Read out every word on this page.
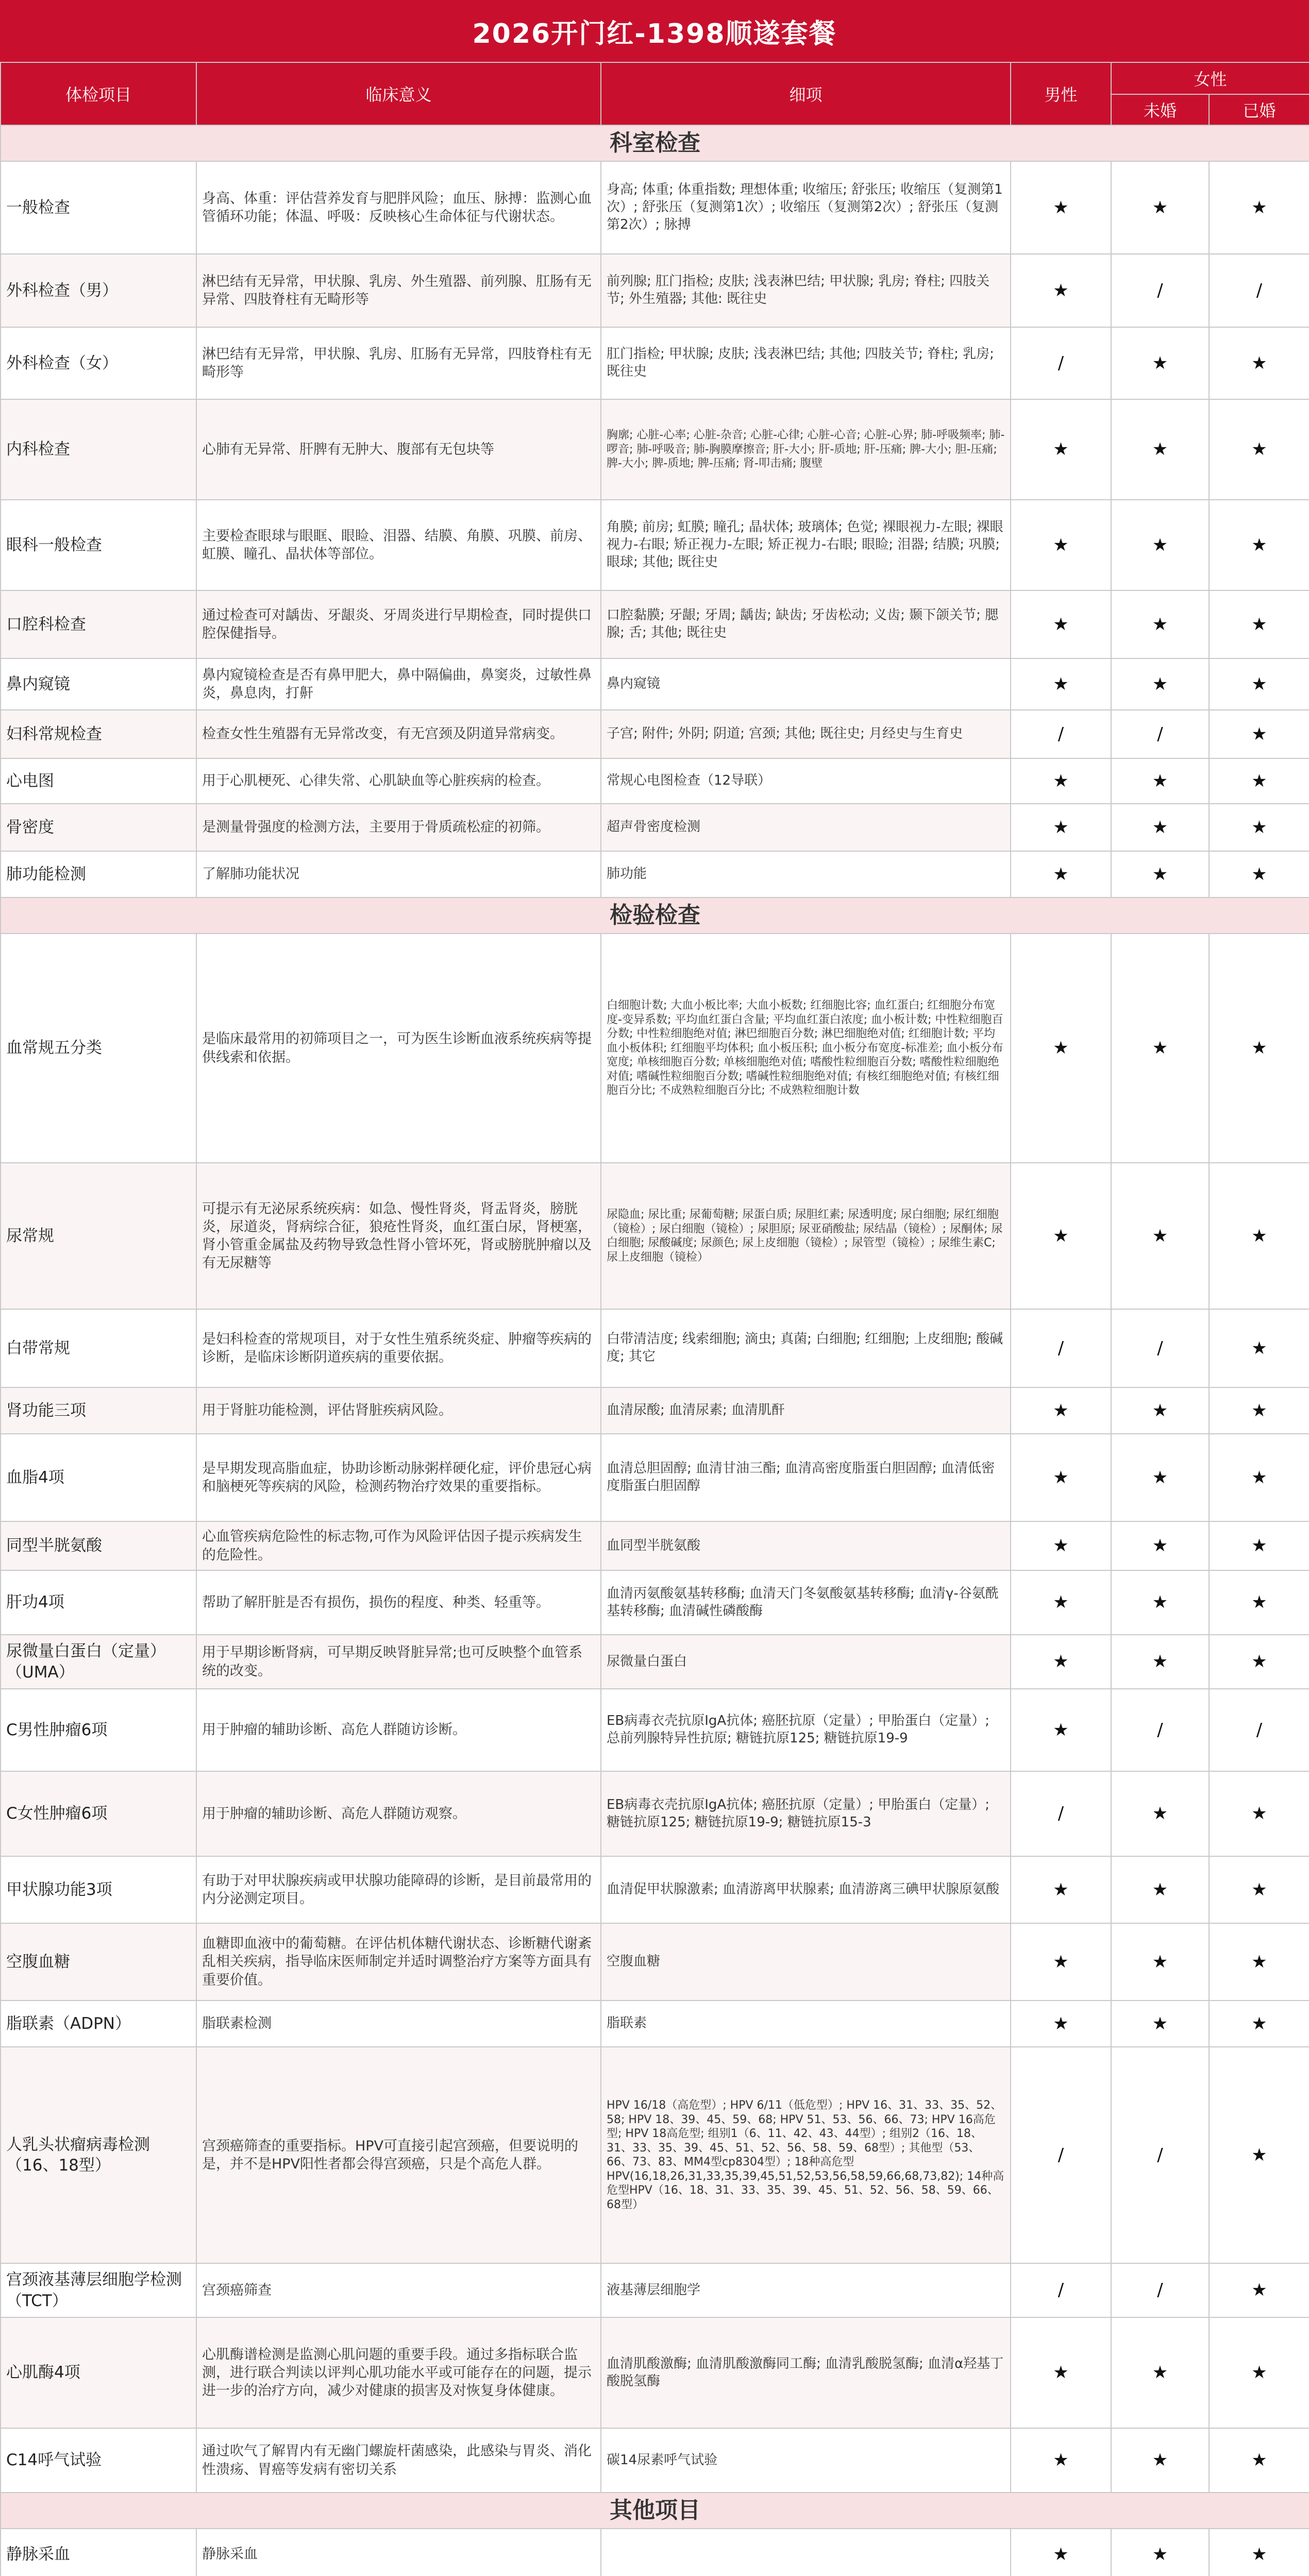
2026开门红-1398顺遂套餐
体检项目	临床意义	细项	男性	女性	
				未婚	已婚
科室检查					
一般检查	身高、体重：评估营养发育与肥胖风险；血压、脉搏：监测心血管循环功能；体温、呼吸：反映核心生命体征与代谢状态。	身高; 体重; 体重指数; 理想体重; 收缩压; 舒张压; 收缩压（复测第1次）; 舒张压（复测第1次）; 收缩压（复测第2次）; 舒张压（复测第2次）; 脉搏	★	★	★
外科检查（男）	淋巴结有无异常，甲状腺、乳房、外生殖器、前列腺、肛肠有无异常、四肢脊柱有无畸形等	前列腺; 肛门指检; 皮肤; 浅表淋巴结; 甲状腺; 乳房; 脊柱; 四肢关节; 外生殖器; 其他: 既往史	★	/	/
外科检查（女）	淋巴结有无异常，甲状腺、乳房、肛肠有无异常，四肢脊柱有无畸形等	肛门指检; 甲状腺; 皮肤; 浅表淋巴结; 其他; 四肢关节; 脊柱; 乳房; 既往史	/	★	★
内科检查	心肺有无异常、肝脾有无肿大、腹部有无包块等	胸廓; 心脏-心率; 心脏-杂音; 心脏-心律; 心脏-心音; 心脏-心界; 肺-呼吸频率; 肺-啰音; 肺-呼吸音; 肺-胸膜摩擦音; 肝-大小; 肝-质地; 肝-压痛; 脾-大小; 胆-压痛; 脾-大小; 脾-质地; 脾-压痛; 肾-叩击痛; 腹壁	★	★	★
眼科一般检查	主要检查眼球与眼眶、眼睑、泪器、结膜、角膜、巩膜、前房、虹膜、瞳孔、晶状体等部位。	角膜; 前房; 虹膜; 瞳孔; 晶状体; 玻璃体; 色觉; 裸眼视力-左眼; 裸眼视力-右眼; 矫正视力-左眼; 矫正视力-右眼; 眼睑; 泪器; 结膜; 巩膜; 眼球; 其他; 既往史	★	★	★
口腔科检查	通过检查可对龋齿、牙龈炎、牙周炎进行早期检查，同时提供口腔保健指导。	口腔黏膜; 牙龈; 牙周; 龋齿; 缺齿; 牙齿松动; 义齿; 颞下颌关节; 腮腺; 舌; 其他; 既往史	★	★	★
鼻内窥镜	鼻内窥镜检查是否有鼻甲肥大，鼻中隔偏曲，鼻窦炎，过敏性鼻炎，鼻息肉，打鼾	鼻内窥镜	★	★	★
妇科常规检查	检查女性生殖器有无异常改变，有无宫颈及阴道异常病变。	子宫; 附件; 外阴; 阴道; 宫颈; 其他; 既往史; 月经史与生育史	/	/	★
心电图	用于心肌梗死、心律失常、心肌缺血等心脏疾病的检查。	常规心电图检查（12导联）	★	★	★
骨密度	是测量骨强度的检测方法，主要用于骨质疏松症的初筛。	超声骨密度检测	★	★	★
肺功能检测	了解肺功能状况	肺功能	★	★	★
检验检查					
血常规五分类	是临床最常用的初筛项目之一，可为医生诊断血液系统疾病等提供线索和依据。	白细胞计数; 大血小板比率; 大血小板数; 红细胞比容; 血红蛋白; 红细胞分布宽度-变异系数; 平均血红蛋白含量; 平均血红蛋白浓度; 血小板计数; 中性粒细胞百分数; 中性粒细胞绝对值; 淋巴细胞百分数; 淋巴细胞绝对值; 红细胞计数; 平均血小板体积; 红细胞平均体积; 血小板压积; 血小板分布宽度-标准差; 血小板分布宽度; 单核细胞百分数; 单核细胞绝对值; 嗜酸性粒细胞百分数; 嗜酸性粒细胞绝对值; 嗜碱性粒细胞百分数; 嗜碱性粒细胞绝对值; 有核红细胞绝对值; 有核红细胞百分比; 不成熟粒细胞百分比; 不成熟粒细胞计数	★	★	★
尿常规	可提示有无泌尿系统疾病：如急、慢性肾炎，肾盂肾炎，膀胱炎，尿道炎，肾病综合征，狼疮性肾炎，血红蛋白尿，肾梗塞，肾小管重金属盐及药物导致急性肾小管坏死，肾或膀胱肿瘤以及有无尿糖等	尿隐血; 尿比重; 尿葡萄糖; 尿蛋白质; 尿胆红素; 尿透明度; 尿白细胞; 尿红细胞（镜检）; 尿白细胞（镜检）; 尿胆原; 尿亚硝酸盐; 尿结晶（镜检）; 尿酮体; 尿白细胞; 尿酸碱度; 尿颜色; 尿上皮细胞（镜检）; 尿管型（镜检）; 尿维生素C; 尿上皮细胞（镜检）	★	★	★
白带常规	是妇科检查的常规项目，对于女性生殖系统炎症、肿瘤等疾病的诊断，是临床诊断阴道疾病的重要依据。	白带清洁度; 线索细胞; 滴虫; 真菌; 白细胞; 红细胞; 上皮细胞; 酸碱度; 其它	/	/	★
肾功能三项	用于肾脏功能检测，评估肾脏疾病风险。	血清尿酸; 血清尿素; 血清肌酐	★	★	★
血脂4项	是早期发现高脂血症，协助诊断动脉粥样硬化症，评价患冠心病和脑梗死等疾病的风险，检测药物治疗效果的重要指标。	血清总胆固醇; 血清甘油三酯; 血清高密度脂蛋白胆固醇; 血清低密度脂蛋白胆固醇	★	★	★
同型半胱氨酸	心血管疾病危险性的标志物,可作为风险评估因子提示疾病发生的危险性。	血同型半胱氨酸	★	★	★
肝功4项	帮助了解肝脏是否有损伤，损伤的程度、种类、轻重等。	血清丙氨酸氨基转移酶; 血清天门冬氨酸氨基转移酶; 血清γ-谷氨酰基转移酶; 血清碱性磷酸酶	★	★	★
尿微量白蛋白（定量）（UMA）	用于早期诊断肾病，可早期反映肾脏异常;也可反映整个血管系统的改变。	尿微量白蛋白	★	★	★
C男性肿瘤6项	用于肿瘤的辅助诊断、高危人群随访诊断。	EB病毒衣壳抗原IgA抗体; 癌胚抗原（定量）; 甲胎蛋白（定量）; 总前列腺特异性抗原; 糖链抗原125; 糖链抗原19-9	★	/	/
C女性肿瘤6项	用于肿瘤的辅助诊断、高危人群随访观察。	EB病毒衣壳抗原IgA抗体; 癌胚抗原（定量）; 甲胎蛋白（定量）; 糖链抗原125; 糖链抗原19-9; 糖链抗原15-3	/	★	★
甲状腺功能3项	有助于对甲状腺疾病或甲状腺功能障碍的诊断，是目前最常用的内分泌测定项目。	血清促甲状腺激素; 血清游离甲状腺素; 血清游离三碘甲状腺原氨酸	★	★	★
空腹血糖	血糖即血液中的葡萄糖。在评估机体糖代谢状态、诊断糖代谢紊乱相关疾病，指导临床医师制定并适时调整治疗方案等方面具有重要价值。	空腹血糖	★	★	★
脂联素（ADPN）	脂联素检测	脂联素	★	★	★
人乳头状瘤病毒检测（16、18型）	宫颈癌筛查的重要指标。HPV可直接引起宫颈癌，但要说明的是，并不是HPV阳性者都会得宫颈癌，只是个高危人群。	HPV 16/18（高危型）; HPV 6/11（低危型）; HPV 16、31、33、35、52、58; HPV 18、39、45、59、68; HPV 51、53、56、66、73; HPV 16高危型; HPV 18高危型; 组别1（6、11、42、43、44型）; 组别2（16、18、31、33、35、39、45、51、52、56、58、59、68型）; 其他型（53、66、73、83、MM4型cp8304型）; 18种高危型HPV(16,18,26,31,33,35,39,45,51,52,53,56,58,59,66,68,73,82); 14种高危型HPV（16、18、31、33、35、39、45、51、52、56、58、59、66、68型）	/	/	★
宫颈液基薄层细胞学检测（TCT）	宫颈癌筛查	液基薄层细胞学	/	/	★
心肌酶4项	心肌酶谱检测是监测心肌问题的重要手段。通过多指标联合监测，进行联合判读以评判心肌功能水平或可能存在的问题，提示进一步的治疗方向，减少对健康的损害及对恢复身体健康。	血清肌酸激酶; 血清肌酸激酶同工酶; 血清乳酸脱氢酶; 血清α羟基丁酸脱氢酶	★	★	★
C14呼气试验	通过吹气了解胃内有无幽门螺旋杆菌感染，此感染与胃炎、消化性溃疡、胃癌等发病有密切关系	碳14尿素呼气试验	★	★	★
其他项目					
静脉采血	静脉采血		★	★	★
